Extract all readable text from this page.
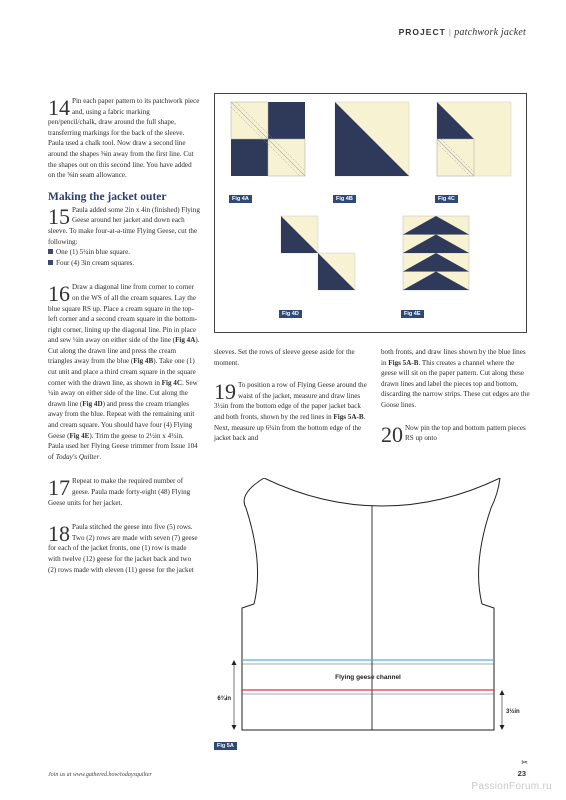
PROJECT | patchwork jacket
14 Pin each paper pattern to its patchwork piece and, using a fabric marking pen/pencil/chalk, draw around the full shape, transferring markings for the back of the sleeve. Paula used a chalk tool. Now draw a second line around the shapes ⅝in away from the first line. Cut the shapes out on this second line. You have added on the ⅝in seam allowance.
Making the jacket outer
15 Paula added some 2in x 4in (finished) Flying Geese around her jacket and down each sleeve. To make four-at-a-time Flying Geese, cut the following:
One (1) 5¼in blue square.
Four (4) 3in cream squares.
16 Draw a diagonal line from corner to corner on the WS of all the cream squares. Lay the blue square RS up. Place a cream square in the top-left corner and a second cream square in the bottom-right corner, lining up the diagonal line. Pin in place and sew ¼in away on either side of the line (Fig 4A). Cut along the drawn line and press the cream triangles away from the blue (Fig 4B). Take one (1) cut unit and place a third cream square in the square corner with the drawn line, as shown in Fig 4C. Sew ¼in away on either side of the line. Cut along the drawn line (Fig 4D) and press the cream triangles away from the blue. Repeat with the remaining unit and cream square. You should have four (4) Flying Geese (Fig 4E). Trim the geese to 2½in x 4½in. Paula used her Flying Geese trimmer from Issue 104 of Today's Quilter.
17 Repeat to make the required number of geese. Paula made forty-eight (48) Flying Geese units for her jacket.
18 Paula stitched the geese into five (5) rows. Two (2) rows are made with seven (7) geese for each of the jacket fronts, one (1) row is made with twelve (12) geese for the jacket back and two (2) rows made with eleven (11) geese for the jacket
Fig 4A	Fig 4B	Fig 4C
Fig 4D	Fig 4E
sleeves. Set the rows of sleeve geese aside for the moment.
19 To position a row of Flying Geese around the waist of the jacket, measure and draw lines 3½in from the bottom edge of the paper jacket back and both fronts, shown by the red lines in Figs 5A-B. Next, measure up 6¾in from the bottom edge of the jacket back and
both fronts, and draw lines shown by the blue lines in Figs 5A-B. This creates a channel where the geese will sit on the paper pattern. Cut along these drawn lines and label the pieces top and bottom, discarding the narrow strips. These cut edges are the Goose lines.
20 Now pin the top and bottom pattern pieces RS up onto
Flying geese channel
6¾in
3½in
Fig 5A
✂
Join us at www.gathered.how/todaysquilter	23
PassionForum.ru
